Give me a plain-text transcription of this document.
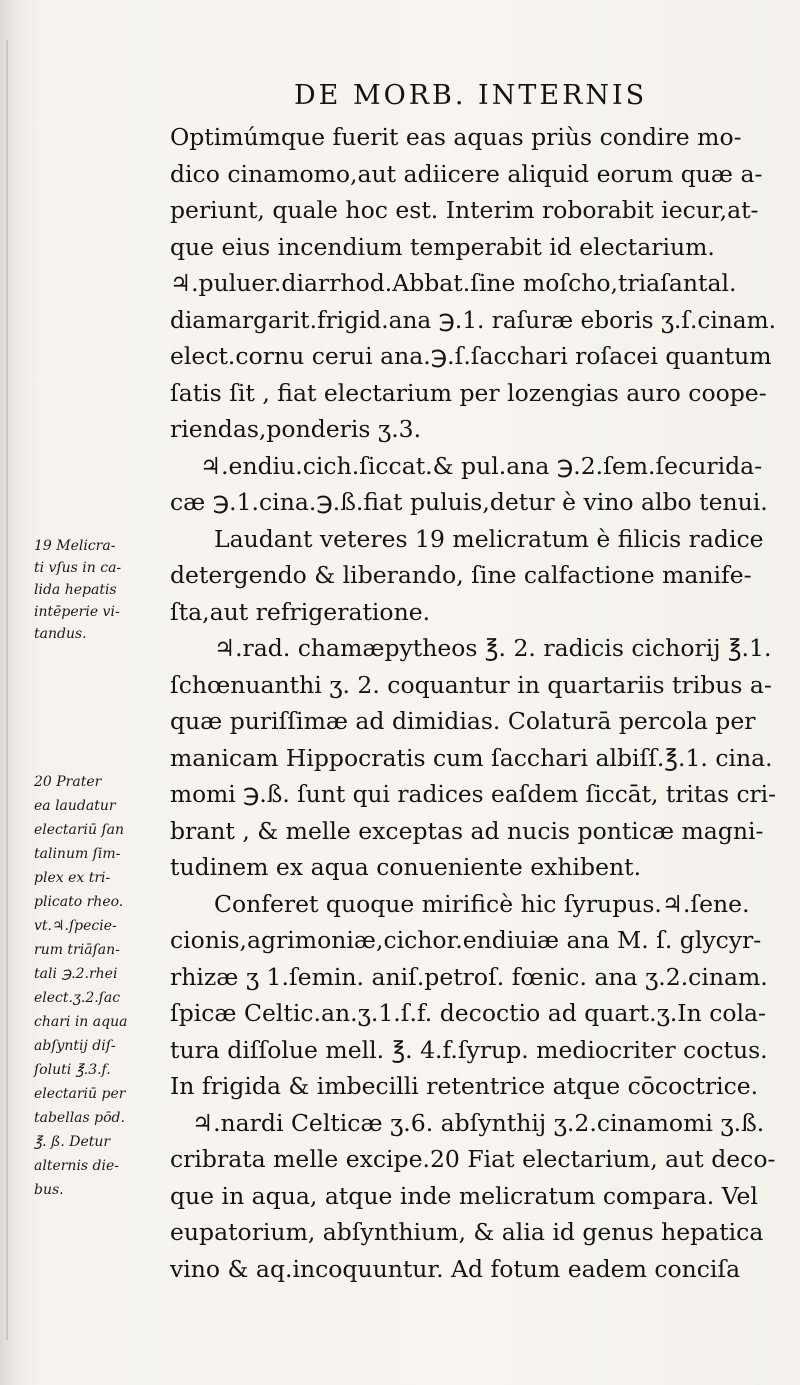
DE MORB. INTERNIS
Optimúmque fuerit eas aquas priùs condire mo-
dico cinamomo,aut adiicere aliquid eorum quæ a-
periunt, quale hoc est. Interim roborabit iecur,at-
que eius incendium temperabit id electarium.
♃.puluer.diarrhod.Abbat.ſine moſcho,triaſantal.
diamargarit.frigid.ana ℈.1. raſuræ eboris ʒ.ſ.cinam.
elect.cornu cerui ana.℈.ſ.ſacchari roſacei quantum
ſatis ſit , fiat electarium per lozengias auro coope-
riendas,ponderis ʒ.3.
♃.endiu.cich.ſiccat.& pul.ana ℈.2.ſem.ſecurida-
cæ ℈.1.cina.℈.ß.fiat puluis,detur è vino albo tenui.
Laudant veteres 19 melicratum è filicis radice
detergendo & liberando, ſine calfactione manife-
ſta,aut refrigeratione.
♃.rad. chamæpytheos ℥. 2. radicis cichorij ℥.1.
ſchœnuanthi ʒ. 2. coquantur in quartariis tribus a-
quæ puriſſimæ ad dimidias. Colaturā percola per
manicam Hippocratis cum ſacchari albiſſ.℥.1. cina.
momi ℈.ß. ſunt qui radices eaſdem ſiccāt, tritas cri-
brant , & melle exceptas ad nucis ponticæ magni-
tudinem ex aqua conueniente exhibent.
Conferet quoque mirificè hic ſyrupus.♃.ſene.
cionis,agrimoniæ,cichor.endiuiæ ana M. ſ. glycyr-
rhizæ ʒ 1.ſemin. aniſ.petroſ. fœnic. ana ʒ.2.cinam.
ſpicæ Celtic.an.ʒ.1.ſ.f. decoctio ad quart.ʒ.In cola-
tura diſſolue mell. ℥. 4.f.ſyrup. mediocriter coctus.
In frigida & imbecilli retentrice atque cōcoctrice.
♃.nardi Celticæ ʒ.6. abſynthij ʒ.2.cinamomi ʒ.ß.
cribrata melle excipe.20 Fiat electarium, aut deco-
que in aqua, atque inde melicratum compara. Vel
eupatorium, abſynthium, & alia id genus hepatica
vino & aq.incoquuntur. Ad fotum eadem conciſa
19 Melicra-
ti vſus in ca-
lida hepatis
intēperie vi-
tandus.
20 Prater
ea laudatur
electariū ſan
talinum ſim-
plex ex tri-
plicato rheo.
vt.♃.ſpecie-
rum triāſan-
tali ℈.2.rhei
elect.ʒ.2.ſac
chari in aqua
abſyntij diſ-
ſoluti ℥.3.f.
electariū per
tabellas pōd.
℥. ß. Detur
alternis die-
bus.
